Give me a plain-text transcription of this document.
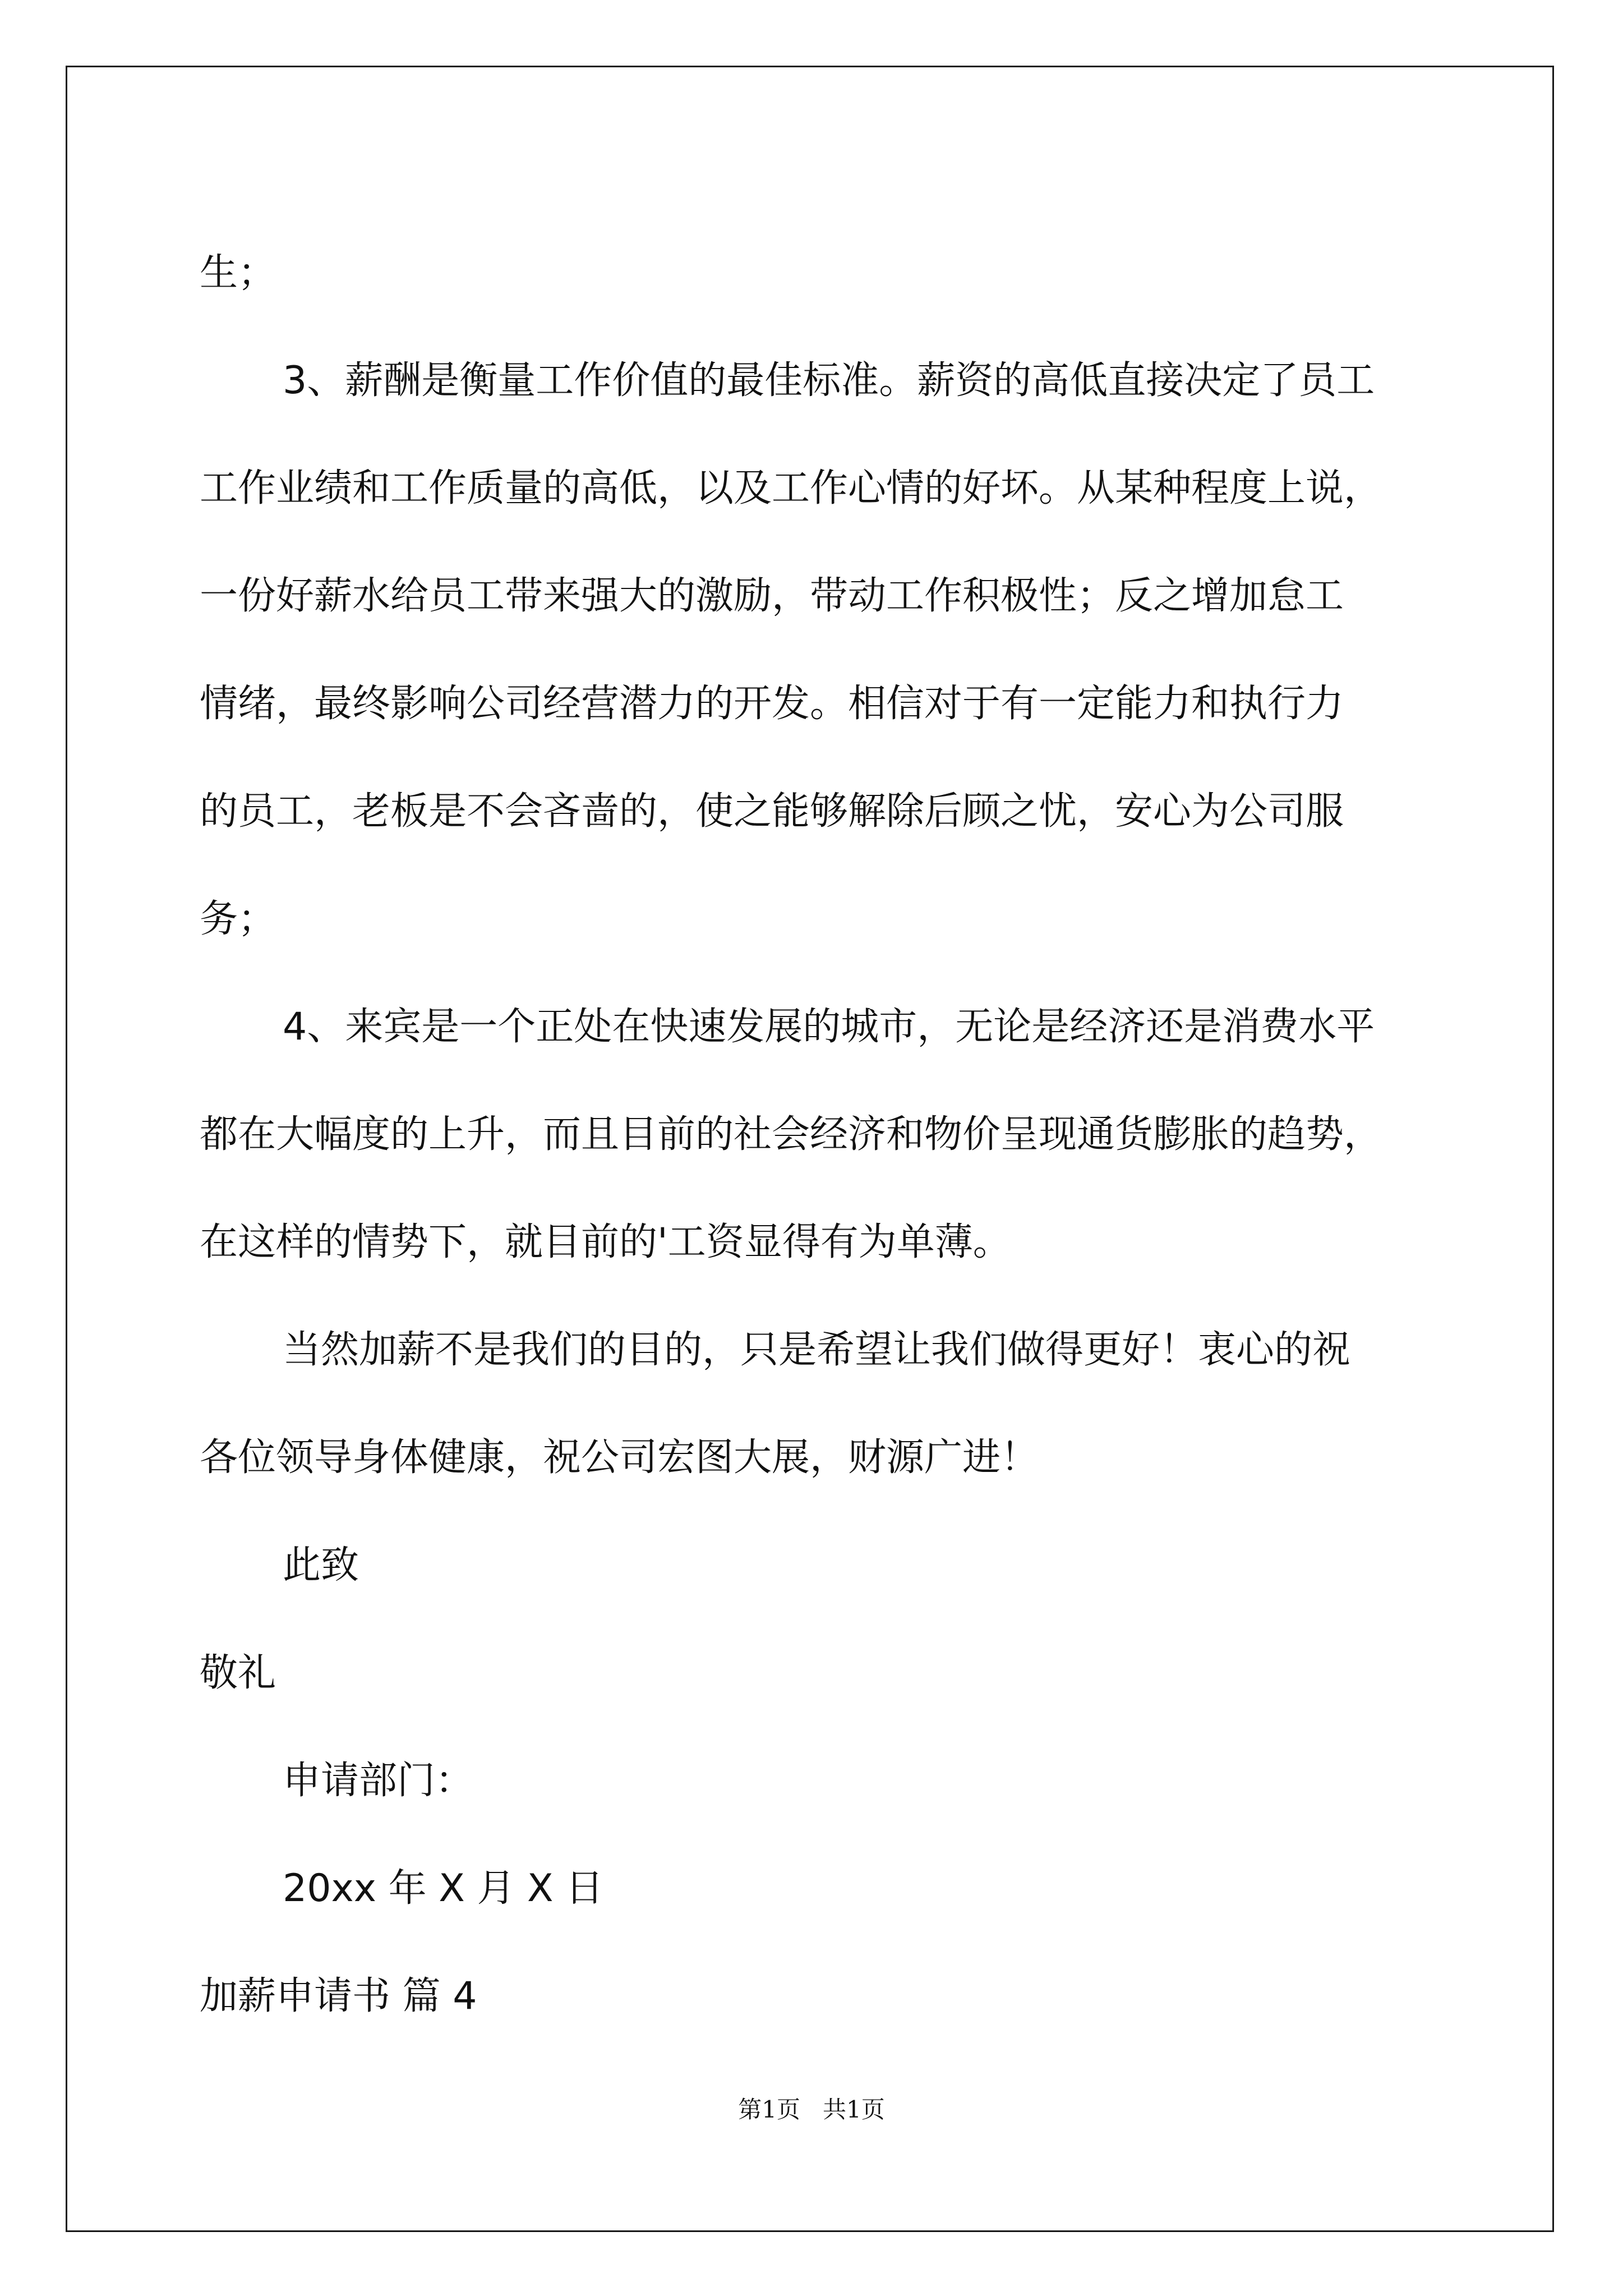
生；

3、薪酬是衡量工作价值的最佳标准。薪资的高低直接决定了员工

工作业绩和工作质量的高低，以及工作心情的好坏。从某种程度上说，

一份好薪水给员工带来强大的激励，带动工作积极性；反之增加怠工

情绪，最终影响公司经营潜力的开发。相信对于有一定能力和执行力

的员工，老板是不会吝啬的，使之能够解除后顾之忧，安心为公司服

务；

4、来宾是一个正处在快速发展的城市，无论是经济还是消费水平

都在大幅度的上升，而且目前的社会经济和物价呈现通货膨胀的趋势，

在这样的情势下，就目前的'工资显得有为单薄。

当然加薪不是我们的目的，只是希望让我们做得更好！衷心的祝

各位领导身体健康，祝公司宏图大展，财源广进！

此致

敬礼

申请部门：

20xx 年 X 月 X 日

加薪申请书 篇 4

第1页   共1页
